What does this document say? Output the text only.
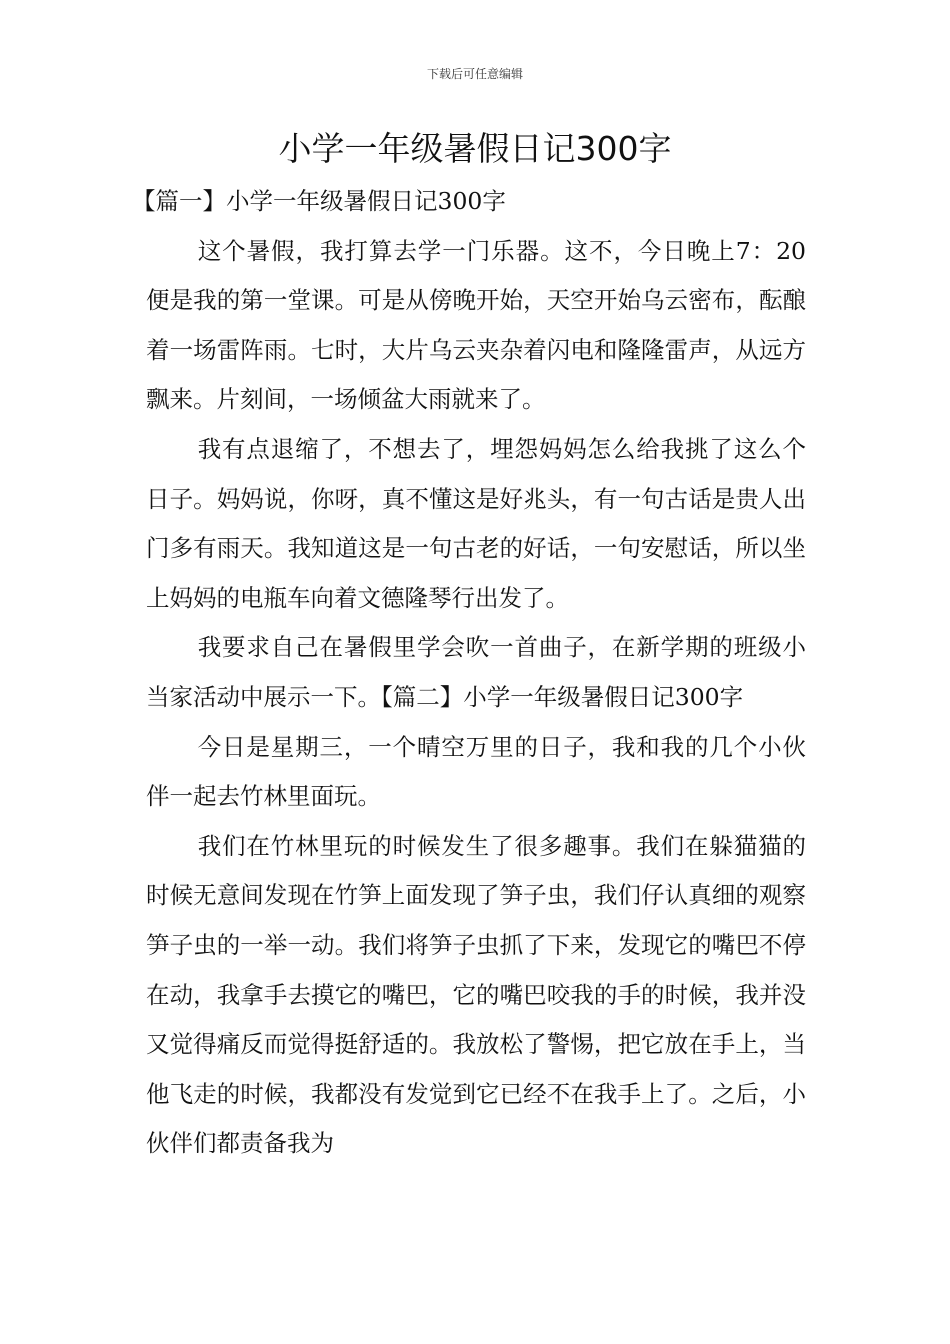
下载后可任意编辑
小学一年级暑假日记300字

【篇一】小学一年级暑假日记300字

这个暑假，我打算去学一门乐器。这不，今日晚上7：20便是我的第一堂课。可是从傍晚开始，天空开始乌云密布，酝酿着一场雷阵雨。七时，大片乌云夹杂着闪电和隆隆雷声，从远方飘来。片刻间，一场倾盆大雨就来了。

我有点退缩了，不想去了，埋怨妈妈怎么给我挑了这么个日子。妈妈说，你呀，真不懂这是好兆头，有一句古话是贵人出门多有雨天。我知道这是一句古老的好话，一句安慰话，所以坐上妈妈的电瓶车向着文德隆琴行出发了。

我要求自己在暑假里学会吹一首曲子，在新学期的班级小当家活动中展示一下。【篇二】小学一年级暑假日记300字

今日是星期三，一个晴空万里的日子，我和我的几个小伙伴一起去竹林里面玩。

我们在竹林里玩的时候发生了很多趣事。我们在躲猫猫的时候无意间发现在竹笋上面发现了笋子虫，我们仔认真细的观察笋子虫的一举一动。我们将笋子虫抓了下来，发现它的嘴巴不停在动，我拿手去摸它的嘴巴，它的嘴巴咬我的手的时候，我并没又觉得痛反而觉得挺舒适的。我放松了警惕，把它放在手上，当他飞走的时候，我都没有发觉到它已经不在我手上了。之后，小伙伴们都责备我为
